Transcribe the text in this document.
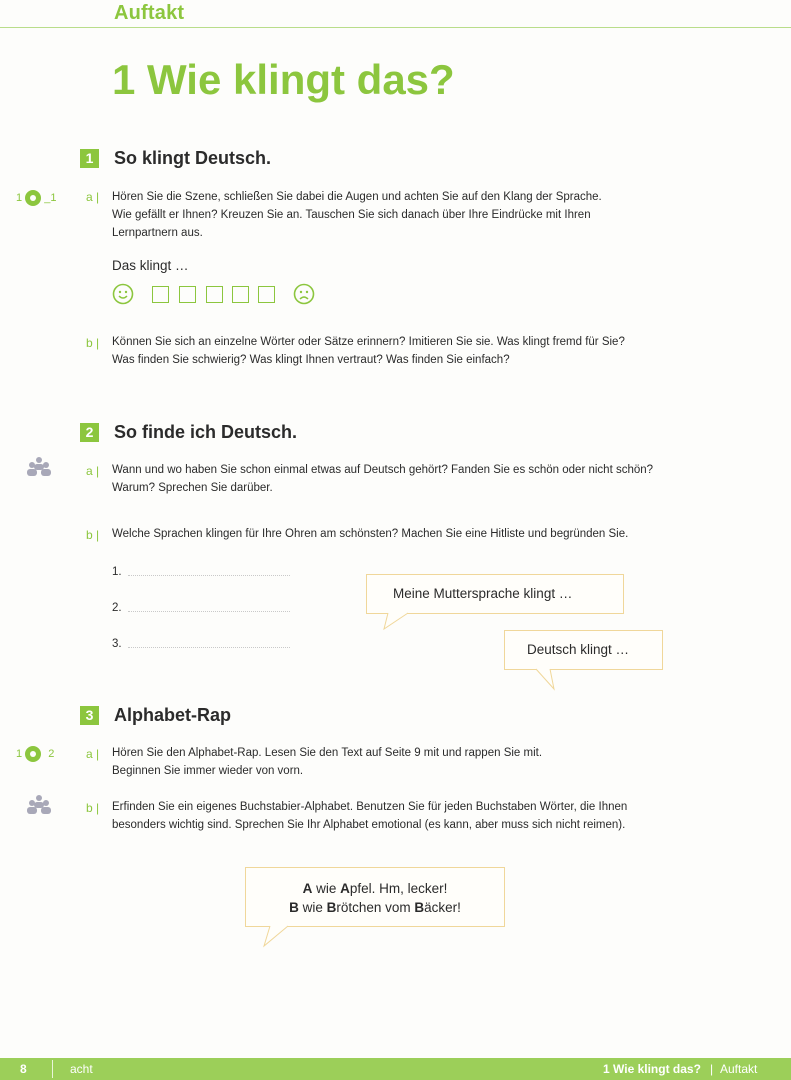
Auftakt
1 Wie klingt das?
1	So klingt Deutsch.
1 _1 a |	Hören Sie die Szene, schließen Sie dabei die Augen und achten Sie auf den Klang der Sprache.
Wie gefällt er Ihnen? Kreuzen Sie an. Tauschen Sie sich danach über Ihre Eindrücke mit Ihren
Lernpartnern aus.
Das klingt …
b |	Können Sie sich an einzelne Wörter oder Sätze erinnern? Imitieren Sie sie. Was klingt fremd für Sie?
Was finden Sie schwierig? Was klingt Ihnen vertraut? Was finden Sie einfach?
2	So finde ich Deutsch.
a |	Wann und wo haben Sie schon einmal etwas auf Deutsch gehört? Fanden Sie es schön oder nicht schön?
Warum? Sprechen Sie darüber.
b |	Welche Sprachen klingen für Ihre Ohren am schönsten? Machen Sie eine Hitliste und begründen Sie.
1.
2.
3.
Meine Muttersprache klingt …
Deutsch klingt …
3	Alphabet-Rap
1 2	a |	Hören Sie den Alphabet-Rap. Lesen Sie den Text auf Seite 9 mit und rappen Sie mit.
Beginnen Sie immer wieder von vorn.
b |	Erfinden Sie ein eigenes Buchstabier-Alphabet. Benutzen Sie für jeden Buchstaben Wörter, die Ihnen
besonders wichtig sind. Sprechen Sie Ihr Alphabet emotional (es kann, aber muss sich nicht reimen).
A wie Apfel. Hm, lecker!
B wie Brötchen vom Bäcker!
8	acht	1 Wie klingt das? | Auftakt
